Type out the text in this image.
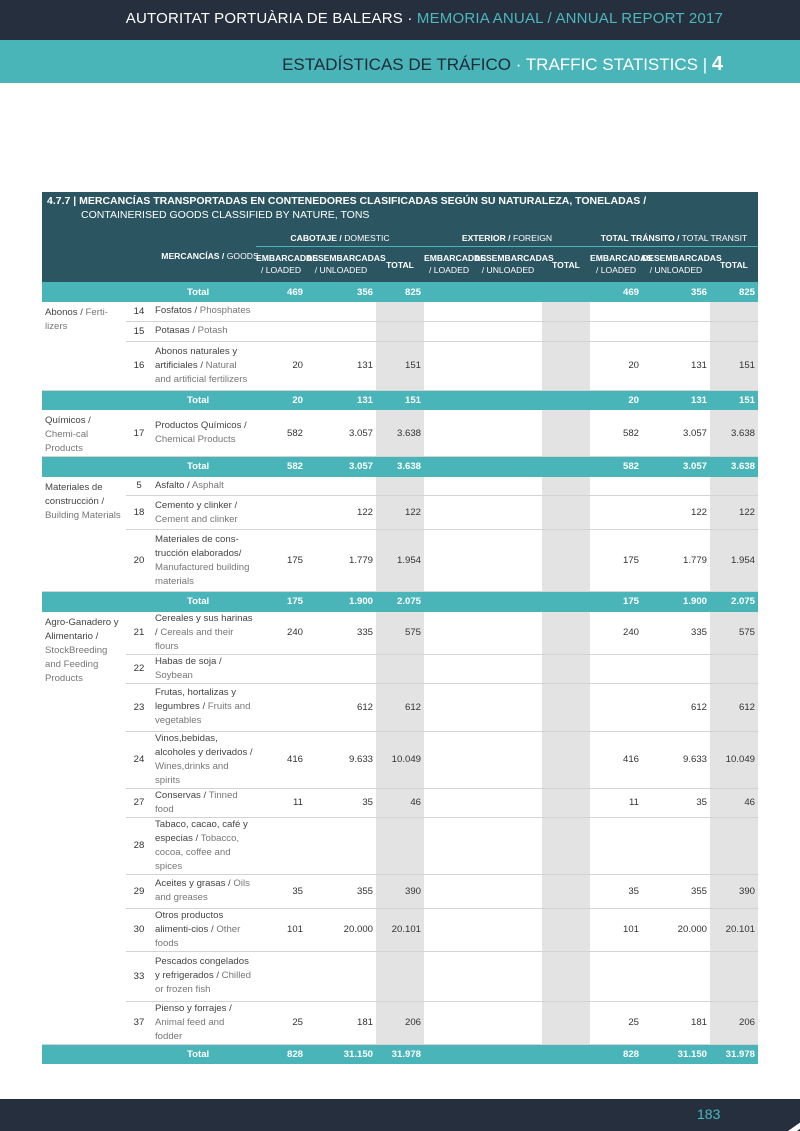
AUTORITAT PORTUÀRIA DE BALEARS · MEMORIA ANUAL / ANNUAL REPORT 2017
ESTADÍSTICAS DE TRÁFICO · TRAFFIC STATISTICS | 4
4.7.7 | MERCANCÍAS TRANSPORTADAS EN CONTENEDORES CLASIFICADAS SEGÚN SU NATURALEZA, TONELADAS /
CONTAINERISED GOODS CLASSIFIED BY NATURE, TONS
MERCANCÍAS / GOODS
CABOTAJE / DOMESTIC	EXTERIOR / FOREIGN	TOTAL TRÁNSITO / TOTAL TRANSIT
EMBARCADAS
/ LOADED
DESEMBARCADAS
/ UNLOADED	TOTAL
EMBARCADAS
/ LOADED
DESEMBARCADAS
/ UNLOADED	TOTAL
EMBARCADAS
/ LOADED
DESEMBARCADAS
/ UNLOADED	TOTAL
	Total		469	356	825				469	356	825
Abonos / Ferti-lizers	14	Fosfatos / Phosphates									
	15	Potasas / Potash									
	16	Abonos naturales y artificiales / Natural and artificial fertilizers	20	131	151				20	131	151
	Total		20	131	151				20	131	151
Químicos / Chemi-cal Products	17	Productos Químicos / Chemical Products	582	3.057	3.638				582	3.057	3.638
	Total		582	3.057	3.638				582	3.057	3.638
Materiales de construcción / Building Materials	5	Asfalto / Asphalt									
	18	Cemento y clinker / Cement and clinker		122	122					122	122
	20	Materiales de cons-trucción elaborados/ Manufactured building materials	175	1.779	1.954				175	1.779	1.954
	Total		175	1.900	2.075				175	1.900	2.075
Agro-Ganadero y Alimentario / StockBreeding and Feeding Products	21	Cereales y sus harinas / Cereals and their flours	240	335	575				240	335	575
	22	Habas de soja / Soybean									
	23	Frutas, hortalizas y legumbres / Fruits and vegetables		612	612					612	612
	24	Vinos,bebidas, alcoholes y derivados / Wines,drinks and spirits	416	9.633	10.049				416	9.633	10.049
	27	Conservas / Tinned food	11	35	46				11	35	46
	28	Tabaco, cacao, café y especias / Tobacco, cocoa, coffee and spices									
	29	Aceites y grasas / Oils and greases	35	355	390				35	355	390
	30	Otros productos alimenti-cios / Other foods	101	20.000	20.101				101	20.000	20.101
	33	Pescados congelados y refrigerados / Chilled or frozen fish									
	37	Pienso y forrajes / Animal feed and fodder	25	181	206				25	181	206
	Total		828	31.150	31.978				828	31.150	31.978
183
